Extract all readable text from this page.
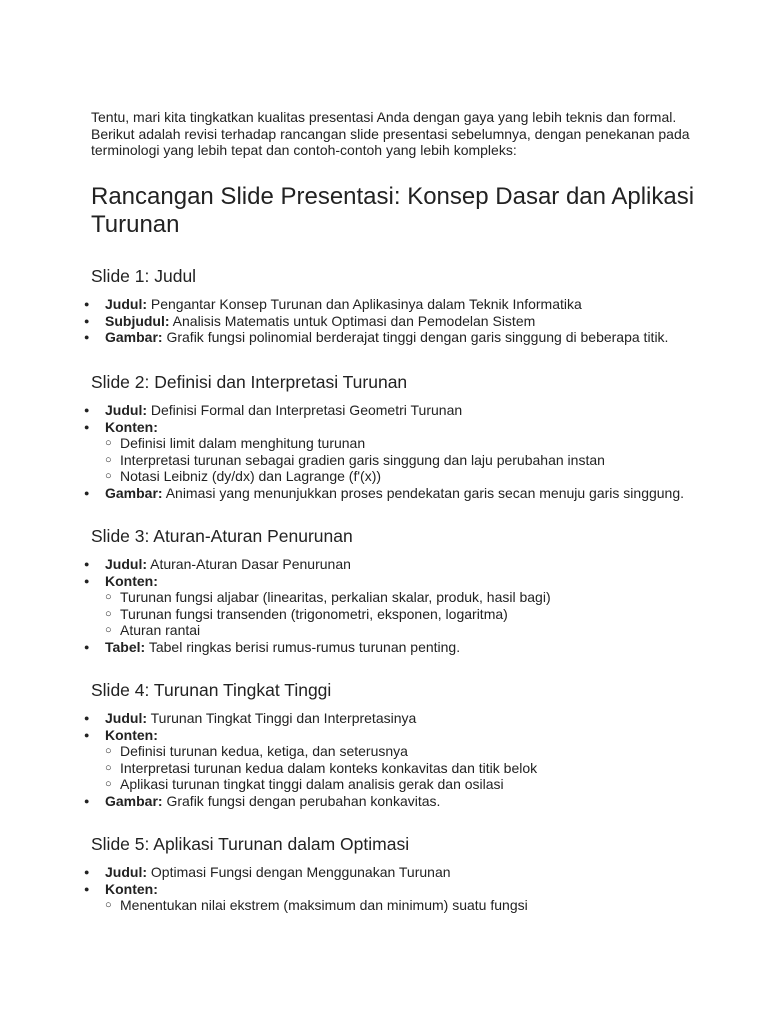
Tentu, mari kita tingkatkan kualitas presentasi Anda dengan gaya yang lebih teknis dan formal. Berikut adalah revisi terhadap rancangan slide presentasi sebelumnya, dengan penekanan pada terminologi yang lebih tepat dan contoh-contoh yang lebih kompleks:

Rancangan Slide Presentasi: Konsep Dasar dan Aplikasi Turunan
Slide 1: Judul
● Judul: Pengantar Konsep Turunan dan Aplikasinya dalam Teknik Informatika
● Subjudul: Analisis Matematis untuk Optimasi dan Pemodelan Sistem
● Gambar: Grafik fungsi polinomial berderajat tinggi dengan garis singgung di beberapa titik.
Slide 2: Definisi dan Interpretasi Turunan
● Judul: Definisi Formal dan Interpretasi Geometri Turunan
● Konten:
○ Definisi limit dalam menghitung turunan
○ Interpretasi turunan sebagai gradien garis singgung dan laju perubahan instan
○ Notasi Leibniz (dy/dx) dan Lagrange (f'(x))
● Gambar: Animasi yang menunjukkan proses pendekatan garis secan menuju garis singgung.
Slide 3: Aturan-Aturan Penurunan
● Judul: Aturan-Aturan Dasar Penurunan
● Konten:
○ Turunan fungsi aljabar (linearitas, perkalian skalar, produk, hasil bagi)
○ Turunan fungsi transenden (trigonometri, eksponen, logaritma)
○ Aturan rantai
● Tabel: Tabel ringkas berisi rumus-rumus turunan penting.
Slide 4: Turunan Tingkat Tinggi
● Judul: Turunan Tingkat Tinggi dan Interpretasinya
● Konten:
○ Definisi turunan kedua, ketiga, dan seterusnya
○ Interpretasi turunan kedua dalam konteks konkavitas dan titik belok
○ Aplikasi turunan tingkat tinggi dalam analisis gerak dan osilasi
● Gambar: Grafik fungsi dengan perubahan konkavitas.
Slide 5: Aplikasi Turunan dalam Optimasi
● Judul: Optimasi Fungsi dengan Menggunakan Turunan
● Konten:
○ Menentukan nilai ekstrem (maksimum dan minimum) suatu fungsi
